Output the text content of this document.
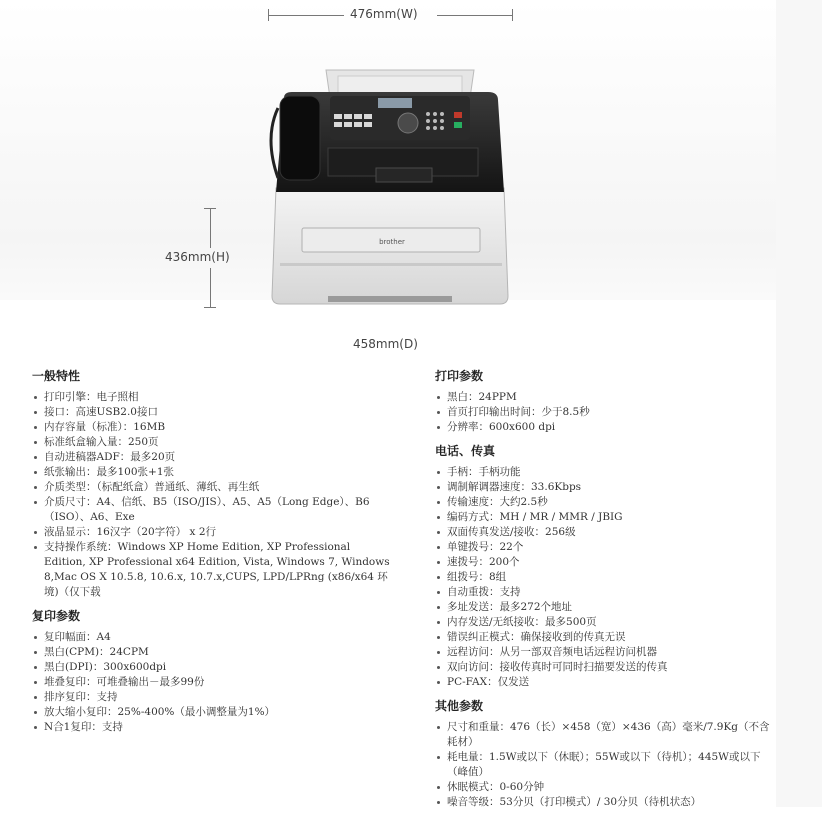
476mm(W)
436mm(H)
458mm(D)
brother
一般特性
打印引擎：电子照相
接口：高速USB2.0接口
内存容量（标准）：16MB
标准纸盒输入量：250页
自动进稿器ADF：最多20页
纸张输出：最多100张+1张
介质类型：（标配纸盒）普通纸、薄纸、再生纸
介质尺寸：A4、信纸、B5（ISO/JIS）、A5、A5（Long Edge）、B6（ISO）、A6、Exe
液晶显示：16汉字（20字符） x 2行
支持操作系统：Windows XP Home Edition, XP Professional Edition, XP Professional x64 Edition, Vista, Windows 7, Windows 8,Mac OS X 10.5.8, 10.6.x, 10.7.x,CUPS, LPD/LPRng (x86/x64 环境)（仅下载
复印参数
复印幅面：A4
黑白(CPM)：24CPM
黑白(DPI)：300x600dpi
堆叠复印：可堆叠输出－最多99份
排序复印：支持
放大缩小复印：25%-400%（最小调整量为1%）
N合1复印：支持
打印参数
黑白：24PPM
首页打印输出时间：少于8.5秒
分辨率：600x600 dpi
电话、传真
手柄：手柄功能
调制解调器速度：33.6Kbps
传输速度：大约2.5秒
编码方式：MH / MR / MMR / JBIG
双面传真发送/接收：256级
单键拨号：22个
速拨号：200个
组拨号：8组
自动重拨：支持
多址发送：最多272个地址
内存发送/无纸接收：最多500页
错误纠正模式：确保接收到的传真无误
远程访问：从另一部双音频电话远程访问机器
双向访问：接收传真时可同时扫描要发送的传真
PC-FAX：仅发送
其他参数
尺寸和重量：476（长）×458（宽）×436（高）毫米/7.9Kg（不含耗材）
耗电量：1.5W或以下（休眠）；55W或以下（待机）；445W或以下（峰值）
休眠模式：0-60分钟
噪音等级：53分贝（打印模式）/ 30分贝（待机状态）
